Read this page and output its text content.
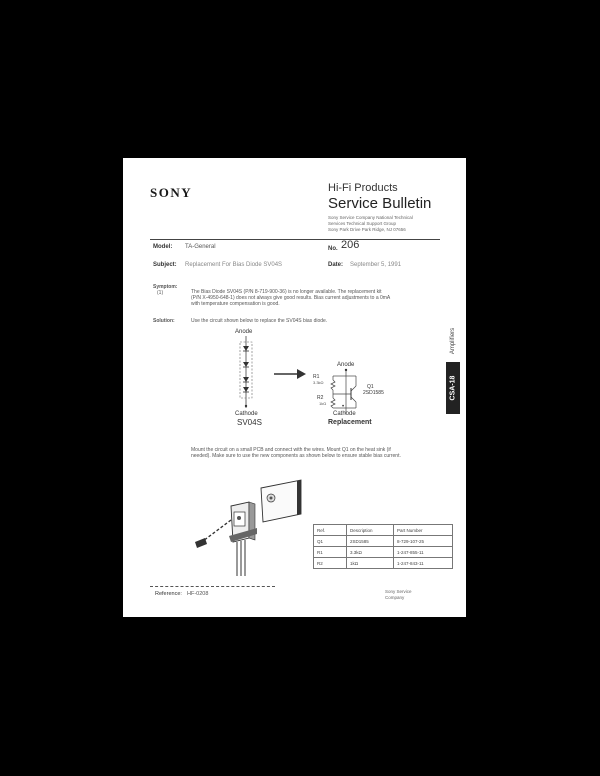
SONY	Hi-Fi Products
Service Bulletin
Sony Service Company National Technical
Services Technical Support Group
Sony Park Drive Park Ridge, NJ 07656
Model: TA-General	No. 206
Subject: Replacement For Bias Diode SV04S	Date: September 5, 1991
Symptom:
(1)	The Bias Diode SV04S (P/N 8-719-900-36) is no longer available. The replacement kit
(P/N X-4950-648-1) does not always give good results. Bias current adjustments to a 0mA
with temperature compensation is good.
Solution:	Use the circuit shown below to replace the SV04S bias diode.
Anode
Cathode
SV04S
Anode
R1
3.3kΩ
R2
1kΩ
Q1
2SD1585
•
Cathode
Replacement
Mount the circuit on a small PCB and connect with the wires. Mount Q1 on the heat sink (if
needed). Make sure to use the new components as shown below to ensure stable bias current.
Ref.	Description	Part Number
Q1	2SD1585	8-729-107-25
R1	3.3kΩ	1-247-855-11
R2	1kΩ	1-247-843-11
Reference: HF-0208	Sony Service
Company
Amplifiers
CSA-18
